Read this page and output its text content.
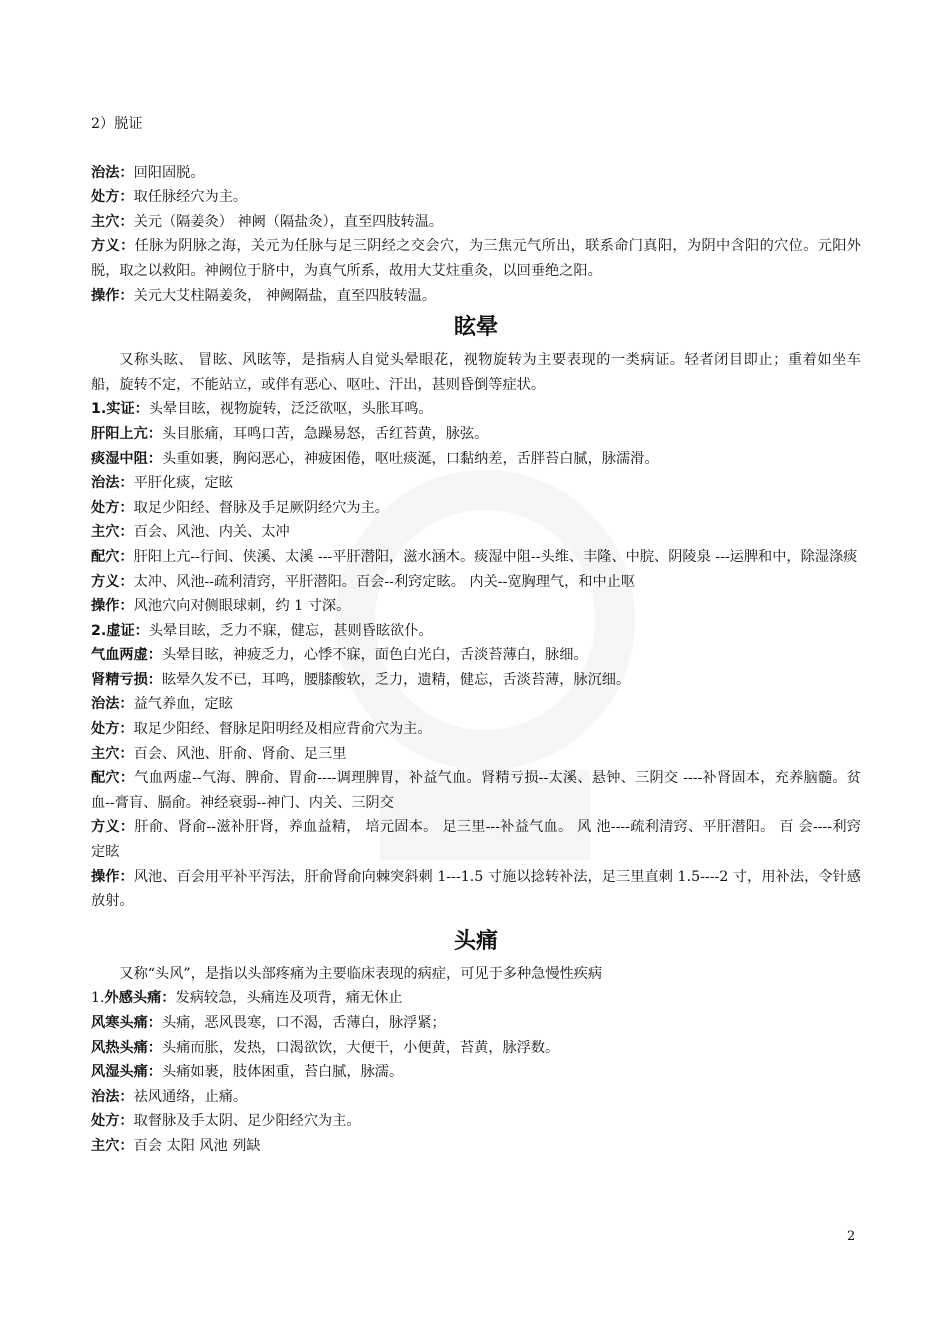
2）脱证

治法：回阳固脱。

处方：取任脉经穴为主。

主穴：关元（隔姜灸） 神阙（隔盐灸），直至四肢转温。

方义：任脉为阴脉之海，关元为任脉与足三阴经之交会穴，为三焦元气所出，联系命门真阳，为阴中含阳的穴位。元阳外脱，取之以救阳。神阙位于脐中，为真气所系，故用大艾炷重灸，以回垂绝之阳。

操作：关元大艾柱隔姜灸， 神阙隔盐，直至四肢转温。

眩晕

又称头眩、 冒眩、风眩等，是指病人自觉头晕眼花，视物旋转为主要表现的一类病证。轻者闭目即止；重着如坐车船，旋转不定，不能站立，或伴有恶心、呕吐、汗出，甚则昏倒等症状。

1.实证：头晕目眩，视物旋转，泛泛欲呕，头胀耳鸣。

肝阳上亢：头目胀痛，耳鸣口苦，急躁易怒，舌红苔黄，脉弦。

痰湿中阻：头重如裹，胸闷恶心，神疲困倦，呕吐痰涎，口黏纳差，舌胖苔白腻，脉濡滑。

治法：平肝化痰，定眩

处方：取足少阳经、督脉及手足厥阴经穴为主。

主穴：百会、风池、内关、太冲

配穴：肝阳上亢--行间、侠溪、太溪 ---平肝潜阳，滋水涵木。痰湿中阻--头维、丰隆、中脘、阴陵泉 ---运脾和中，除湿涤痰

方义：太冲、风池--疏利清窍，平肝潜阳。百会--利窍定眩。 内关--宽胸理气，和中止呕

操作：风池穴向对侧眼球刺，约 1 寸深。

2.虚证：头晕目眩，乏力不寐，健忘，甚则昏眩欲仆。

气血两虚：头晕目眩，神疲乏力，心悸不寐，面色白光白，舌淡苔薄白，脉细。

肾精亏损：眩晕久发不已，耳鸣，腰膝酸软，乏力，遗精，健忘，舌淡苔薄，脉沉细。

治法：益气养血，定眩

处方：取足少阳经、督脉足阳明经及相应背俞穴为主。

主穴：百会、风池、肝俞、肾俞、足三里

配穴：气血两虚--气海、脾俞、胃俞----调理脾胃，补益气血。肾精亏损--太溪、悬钟、三阴交 ----补肾固本，充养脑髓。贫血--膏肓、膈俞。神经衰弱--神门、内关、三阴交

方义：肝俞、肾俞--滋补肝肾，养血益精， 培元固本。 足三里---补益气血。 风 池----疏利清窍、平肝潜阳。 百 会----利窍定眩

操作：风池、百会用平补平泻法，肝俞肾俞向棘突斜刺 1---1.5 寸施以捻转补法，足三里直刺 1.5----2 寸，用补法，令针感放射。

头痛

又称“头风”，是指以头部疼痛为主要临床表现的病症，可见于多种急慢性疾病

1.外感头痛：发病较急，头痛连及项背，痛无休止

风寒头痛：头痛，恶风畏寒，口不渴，舌薄白，脉浮紧；

风热头痛：头痛而胀，发热，口渴欲饮，大便干，小便黄，苔黄，脉浮数。

风湿头痛：头痛如裹，肢体困重，苔白腻，脉濡。

治法：祛风通络，止痛。

处方：取督脉及手太阴、足少阳经穴为主。

主穴：百会 太阳 风池 列缺

2
